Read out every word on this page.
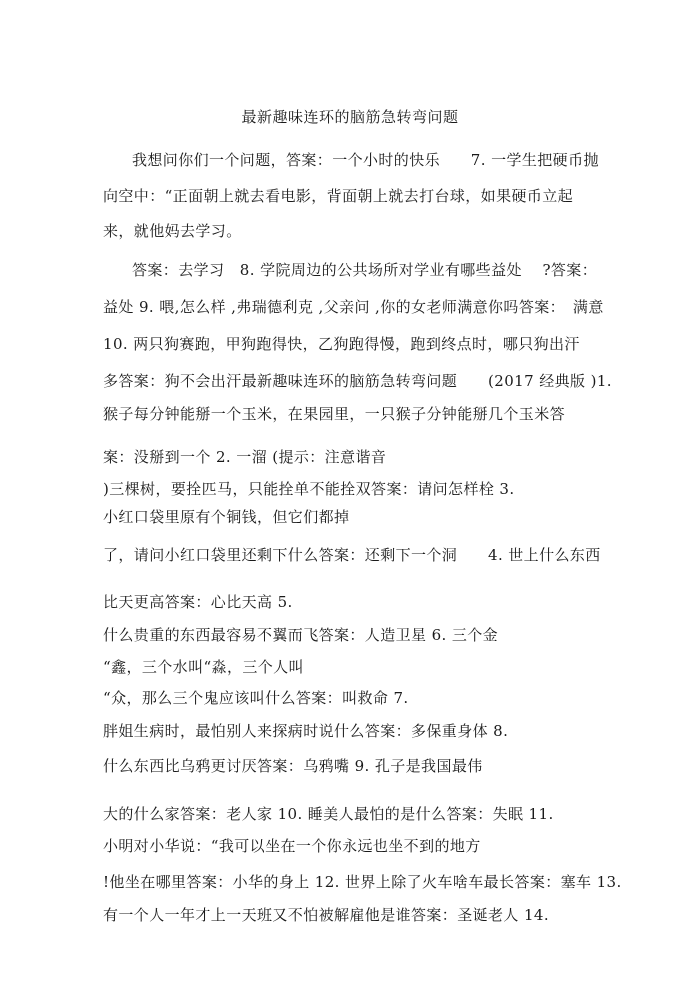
最新趣味连环的脑筋急转弯问题
我想问你们一个问题，答案：一个小时的快乐　　7. 一学生把硬币抛
向空中：“正面朝上就去看电影，背面朝上就去打台球，如果硬币立起
来，就他妈去学习。
答案：去学习　8. 学院周边的公共场所对学业有哪些益处　 ?答案：
益处 9. 喂,怎么样 ,弗瑞德利克 ,父亲问 ,你的女老师满意你吗答案：　满意
10. 两只狗赛跑，甲狗跑得快，乙狗跑得慢，跑到终点时，哪只狗出汗
多答案：狗不会出汗最新趣味连环的脑筋急转弯问题　　(2017 经典版 )1.
猴子每分钟能掰一个玉米，在果园里，一只猴子分钟能掰几个玉米答
案：没掰到一个 2. 一溜 (提示：注意谐音
)三棵树，要拴匹马，只能拴单不能拴双答案：请问怎样栓 3.
小红口袋里原有个铜钱，但它们都掉
了，请问小红口袋里还剩下什么答案：还剩下一个洞　　4. 世上什么东西
比天更高答案：心比天高 5.
什么贵重的东西最容易不翼而飞答案：人造卫星 6. 三个金
“鑫，三个水叫“淼，三个人叫
“众，那么三个鬼应该叫什么答案：叫救命 7.
胖姐生病时，最怕别人来探病时说什么答案：多保重身体 8.
什么东西比乌鸦更讨厌答案：乌鸦嘴 9. 孔子是我国最伟
大的什么家答案：老人家 10. 睡美人最怕的是什么答案：失眠 11.
小明对小华说：“我可以坐在一个你永远也坐不到的地方
!他坐在哪里答案：小华的身上 12. 世界上除了火车啥车最长答案：塞车 13.
有一个人一年才上一天班又不怕被解雇他是谁答案：圣诞老人 14.
